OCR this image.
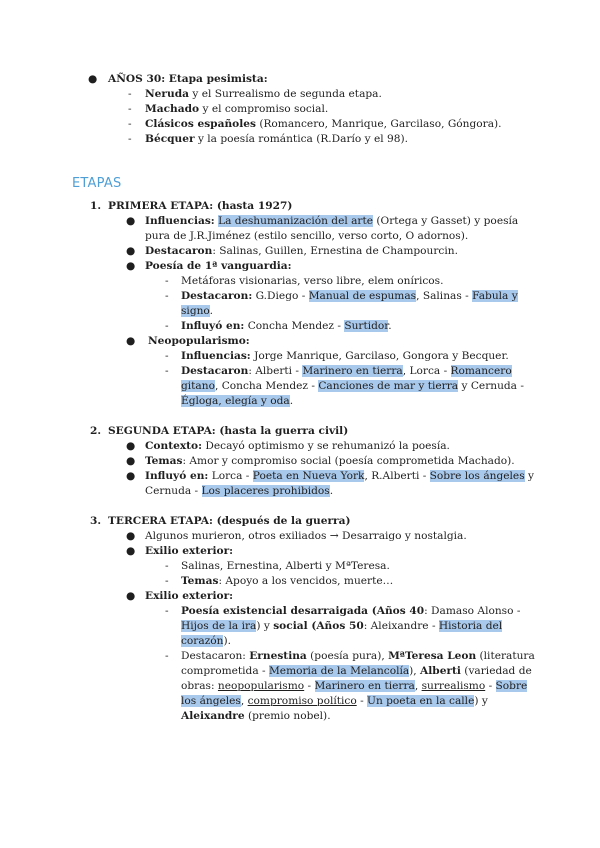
● AÑOS 30: Etapa pesimista:
- Neruda y el Surrealismo de segunda etapa.
- Machado y el compromiso social.
- Clásicos españoles (Romancero, Manrique, Garcilaso, Góngora).
- Bécquer y la poesía romántica (R.Darío y el 98).
ETAPAS
1. PRIMERA ETAPA: (hasta 1927)
● Influencias: La deshumanización del arte (Ortega y Gasset) y poesía
pura de J.R.Jiménez (estilo sencillo, verso corto, O adornos).
● Destacaron: Salinas, Guillen, Ernestina de Champourcin.
● Poesía de 1ª vanguardia:
- Metáforas visionarias, verso libre, elem oníricos.
- Destacaron: G.Diego - Manual de espumas, Salinas - Fabula y
signo.
- Influyó en: Concha Mendez - Surtidor.
● Neopopularismo:
- Influencias: Jorge Manrique, Garcilaso, Gongora y Becquer.
- Destacaron: Alberti - Marinero en tierra, Lorca - Romancero
gitano, Concha Mendez - Canciones de mar y tierra y Cernuda -
Égloga, elegía y oda.
2. SEGUNDA ETAPA: (hasta la guerra civil)
● Contexto: Decayó optimismo y se rehumanizó la poesía.
● Temas: Amor y compromiso social (poesía comprometida Machado).
● Influyó en: Lorca - Poeta en Nueva York, R.Alberti - Sobre los ángeles y
Cernuda - Los placeres prohibidos.
3. TERCERA ETAPA: (después de la guerra)
● Algunos murieron, otros exiliados → Desarraigo y nostalgia.
● Exilio exterior:
- Salinas, Ernestina, Alberti y MªTeresa.
- Temas: Apoyo a los vencidos, muerte…
● Exilio exterior:
- Poesía existencial desarraigada (Años 40: Damaso Alonso -
Hijos de la ira) y social (Años 50: Aleixandre - Historia del
corazón).
- Destacaron: Ernestina (poesía pura), MªTeresa Leon (literatura
comprometida - Memoria de la Melancolía), Alberti (variedad de
obras: neopopularismo - Marinero en tierra, surrealismo - Sobre
los ángeles, compromiso político - Un poeta en la calle) y
Aleixandre (premio nobel).
